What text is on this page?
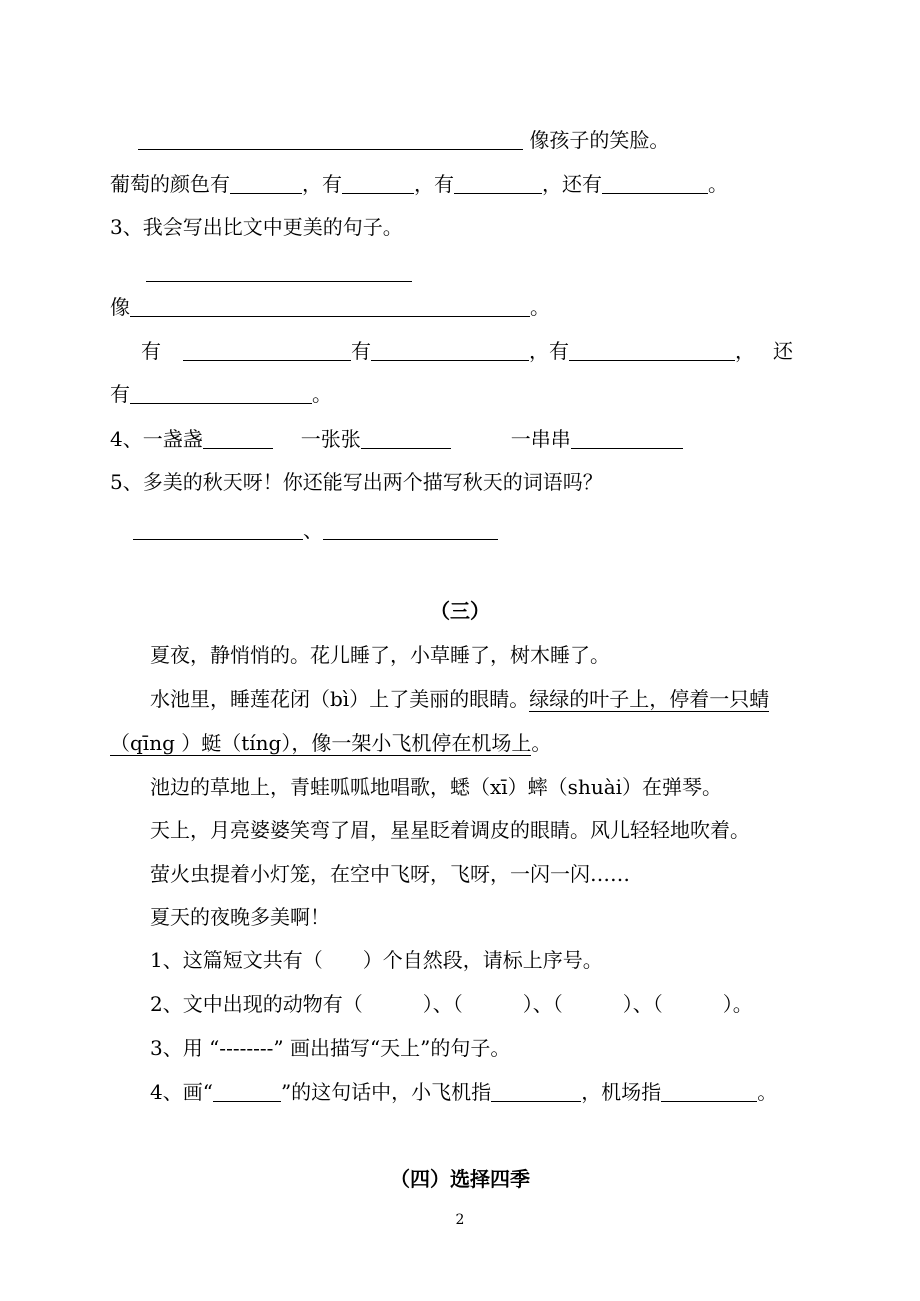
像孩子的笑脸。
葡萄的颜色有	，有	，有	，还有	。
3、我会写出比文中更美的句子。
像	。
有	有	，有	， 还
有	。
4、一盏盏	一张张	一串串
5、多美的秋天呀！你还能写出两个描写秋天的词语吗？
、
（三）
夏夜，静悄悄的。花儿睡了，小草睡了，树木睡了。
水池里，睡莲花闭（bì）上了美丽的眼睛。绿绿的叶子上，停着一只蜻
（qīng ）蜓（tíng），像一架小飞机停在机场上。
池边的草地上，青蛙呱呱地唱歌，蟋（xī）蟀（shuài）在弹琴。
天上，月亮婆婆笑弯了眉，星星眨着调皮的眼睛。风儿轻轻地吹着。
萤火虫提着小灯笼，在空中飞呀，飞呀，一闪一闪……
夏天的夜晚多美啊！
1、这篇短文共有（　　）个自然段，请标上序号。
2、文中出现的动物有（　　　）、（　　　）、（　　　）、（　　　）。
3、用 “--------” 画出描写“天上”的句子。
4、画“	”的这句话中，小飞机指	，机场指	。
（四）选择四季
2
